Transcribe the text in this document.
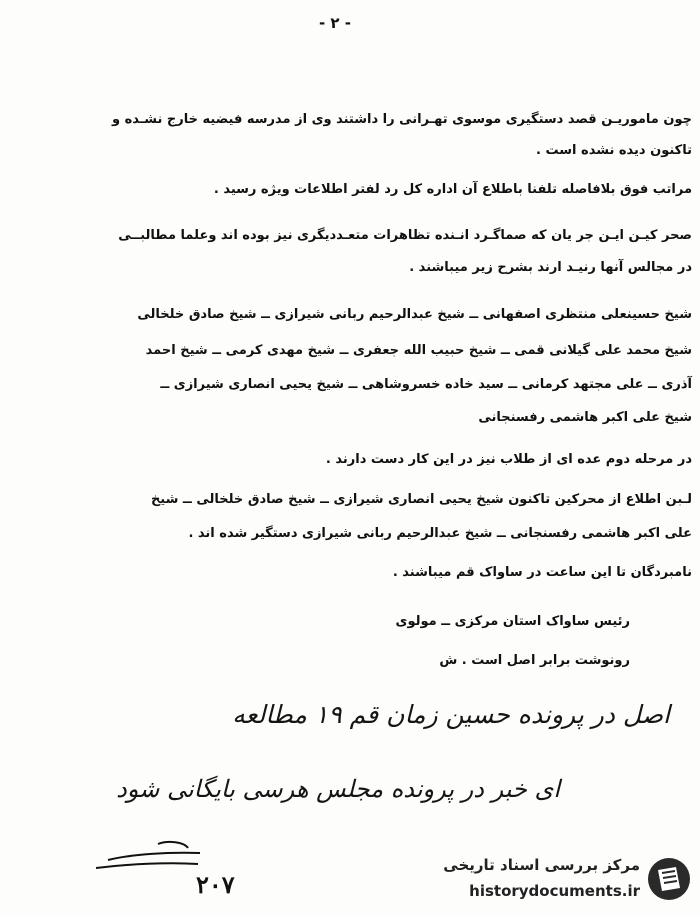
- ۲ -
چون ماموریـن قصد دستگیری موسوی تهـرانی را داشتند وی از مدرسه فیضیه خارج نشـده و
تاکنون دیده نشده است .
مراتب فوق بلافاصله تلفنا باطلاع آن اداره کل رد لفتر اطلاعات ویژه رسید .
صحر کیـن ایـن جر یان که صماگـرد انـنده تظاهرات متعـددیگری نیز بوده اند وعلما مطالبــی
در مجالس آنها رنیـد ارند بشرح زیر میباشند .
شیخ حسینعلی منتظری اصفهانی ــ شیخ عبدالرحیم ربانی شیرازی ــ شیخ صادق خلخالی
شیخ محمد علی گیلانی قمی ــ شیخ حبیب الله جعفری ــ شیخ مهدی کرمی ــ شیخ احمد
آذری ــ علی مجتهد کرمانی ــ سید خاده خسروشاهی ــ شیخ یحیی انصاری شیرازی ــ
شیخ علی اکبر هاشمی رفسنجانی
در مرحله دوم عده ای از طلاب نیز در این کار دست دارند .
لـبن اطلاع از محرکین تاکنون شیخ یحیی انصاری شیرازی ــ شیخ صادق خلخالی ــ شیخ
علی اکبر هاشمی رفسنجانی ــ شیخ عبدالرحیم ربانی شیرازی دستگیر شده اند .
نامبردگان تا این ساعت در ساواک قم میباشند .
رئیس ساواک استان مرکزی ــ مولوی
رونوشت برابر اصل است . ش
اصل در پرونده حسین زمان قم ۱۹ مطالعه
ای خبر در پرونده مجلس هرسی بایگانی شود
۲۰۷
مرکز بررسی اسناد تاریخی
historydocuments.ir
